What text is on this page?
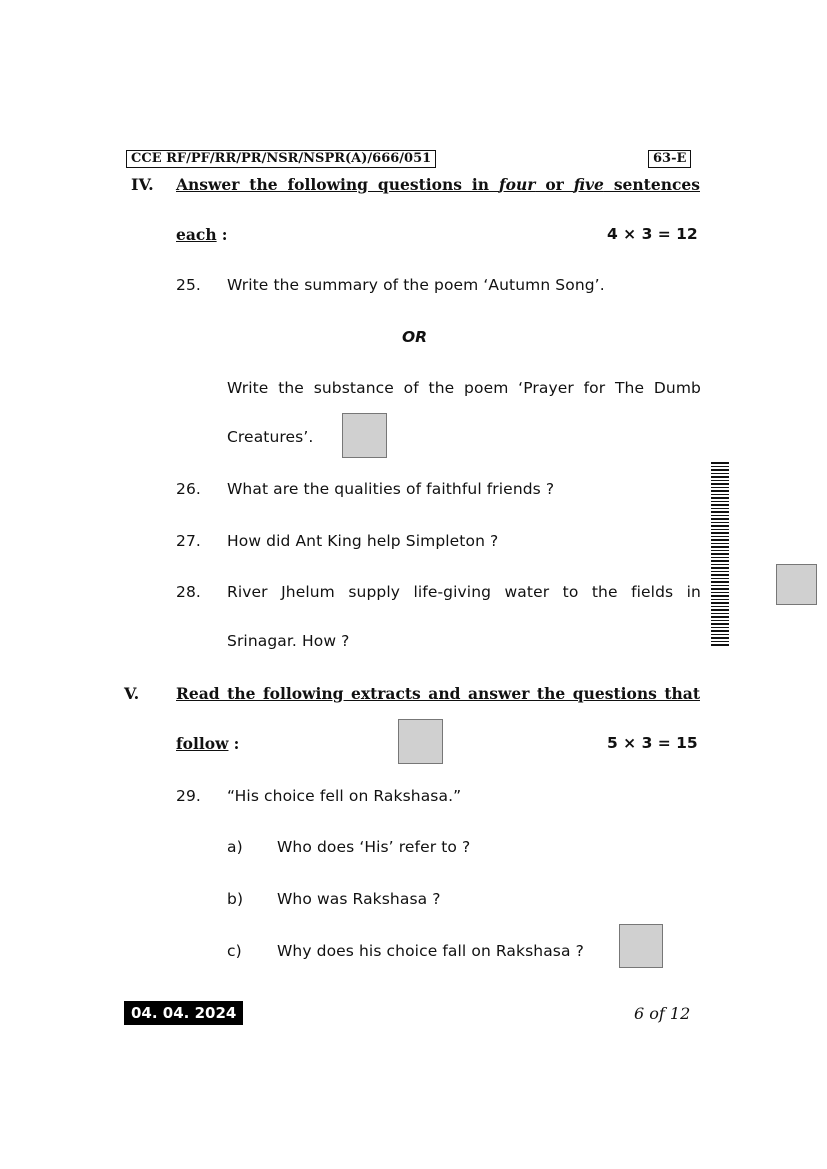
CCE RF/PF/RR/PR/NSR/NSPR(A)/666/051	63-E
IV. Answer the following questions in four or five sentences
each :	4 × 3 = 12
25. Write the summary of the poem ‘Autumn Song’.
OR
Write the substance of the poem ‘Prayer for The Dumb
Creatures’.
26. What are the qualities of faithful friends ?
27. How did Ant King help Simpleton ?
28. River Jhelum supply life-giving water to the fields in
Srinagar. How ?
V. Read the following extracts and answer the questions that
follow :	5 × 3 = 15
29. “His choice fell on Rakshasa.”
a) Who does ‘His’ refer to ?
b) Who was Rakshasa ?
c) Why does his choice fall on Rakshasa ?
04. 04. 2024	6 of 12
